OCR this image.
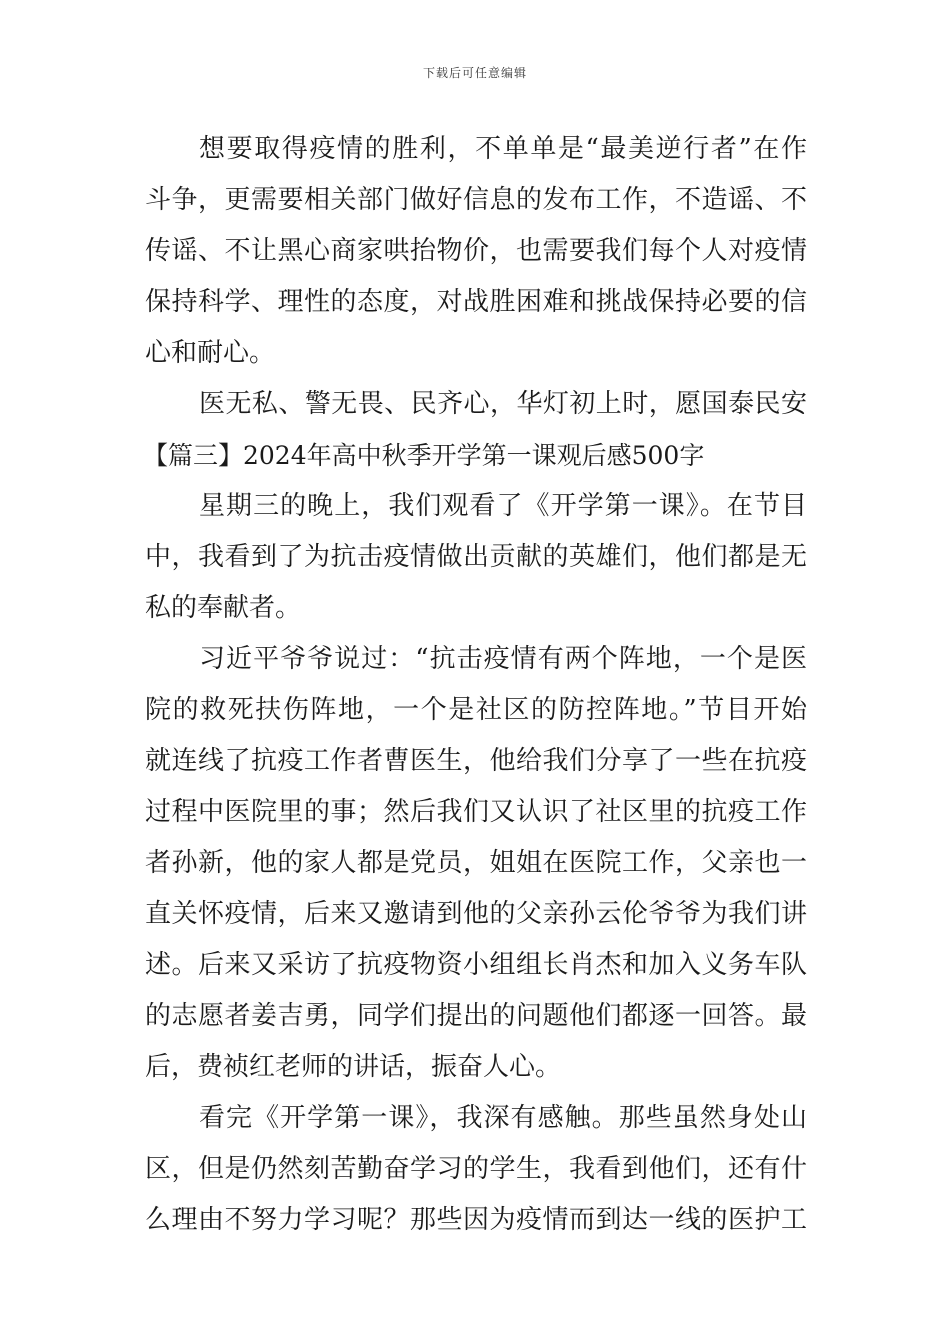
下载后可任意编辑
想要取得疫情的胜利，不单单是“最美逆行者”在作
斗争，更需要相关部门做好信息的发布工作，不造谣、不
传谣、不让黑心商家哄抬物价，也需要我们每个人对疫情
保持科学、理性的态度，对战胜困难和挑战保持必要的信
心和耐心。
医无私、警无畏、民齐心，华灯初上时，愿国泰民安
【篇三】2024年高中秋季开学第一课观后感500字
星期三的晚上，我们观看了《开学第一课》。在节目
中，我看到了为抗击疫情做出贡献的英雄们，他们都是无
私的奉献者。
习近平爷爷说过：“抗击疫情有两个阵地，一个是医
院的救死扶伤阵地，一个是社区的防控阵地。”节目开始
就连线了抗疫工作者曹医生，他给我们分享了一些在抗疫
过程中医院里的事；然后我们又认识了社区里的抗疫工作
者孙新，他的家人都是党员，姐姐在医院工作，父亲也一
直关怀疫情，后来又邀请到他的父亲孙云伦爷爷为我们讲
述。后来又采访了抗疫物资小组组长肖杰和加入义务车队
的志愿者姜吉勇，同学们提出的问题他们都逐一回答。最
后，费祯红老师的讲话，振奋人心。
看完《开学第一课》，我深有感触。那些虽然身处山
区，但是仍然刻苦勤奋学习的学生，我看到他们，还有什
么理由不努力学习呢？那些因为疫情而到达一线的医护工
